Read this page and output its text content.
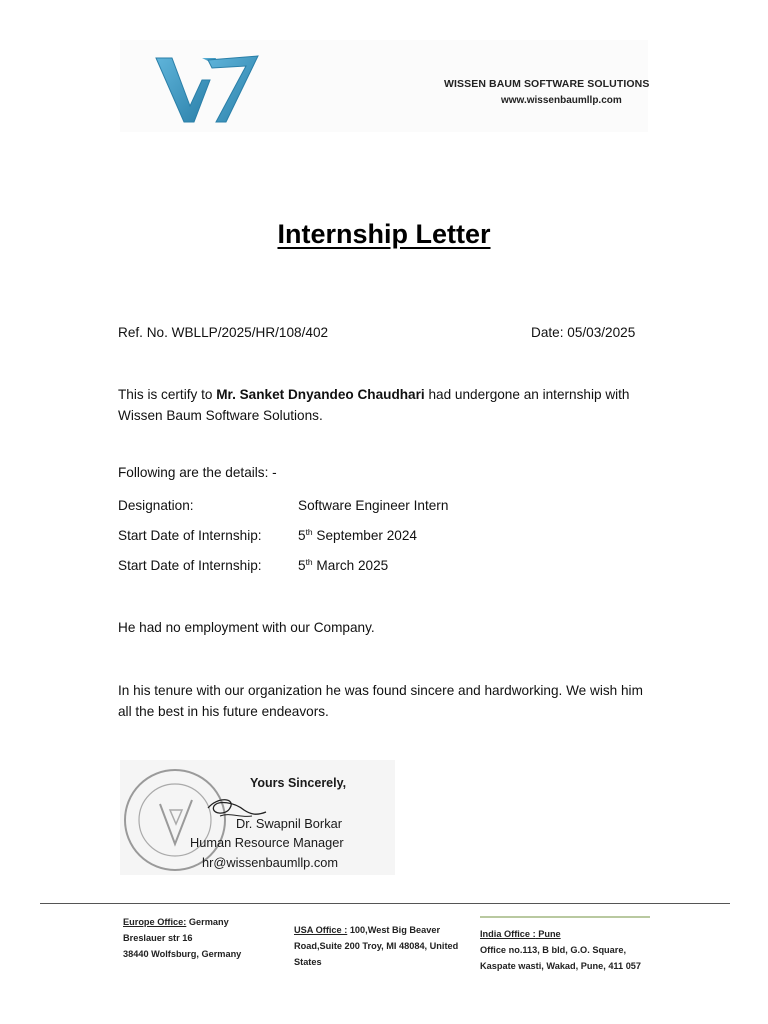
WISSEN BAUM SOFTWARE SOLUTIONS
www.wissenbaumllp.com
Internship Letter
Ref. No. WBLLP/2025/HR/108/402	Date: 05/03/2025
This is certify to Mr. Sanket Dnyandeo Chaudhari had undergone an internship with Wissen Baum Software Solutions.
Following are the details: -
Designation:	Software Engineer Intern
Start Date of Internship:	5th September 2024
Start Date of Internship:	5th March 2025
He had no employment with our Company.
In his tenure with our organization he was found sincere and hardworking. We wish him all the best in his future endeavors.
Yours Sincerely,
Dr. Swapnil Borkar
Human Resource Manager
hr@wissenbaumllp.com
Europe Office: Germany
Breslauer str 16
38440 Wolfsburg, Germany
USA Office : 100,West Big Beaver Road,Suite 200 Troy, MI 48084, United States
India Office : Pune
Office no.113, B bld, G.O. Square,
Kaspate wasti, Wakad, Pune, 411 057
